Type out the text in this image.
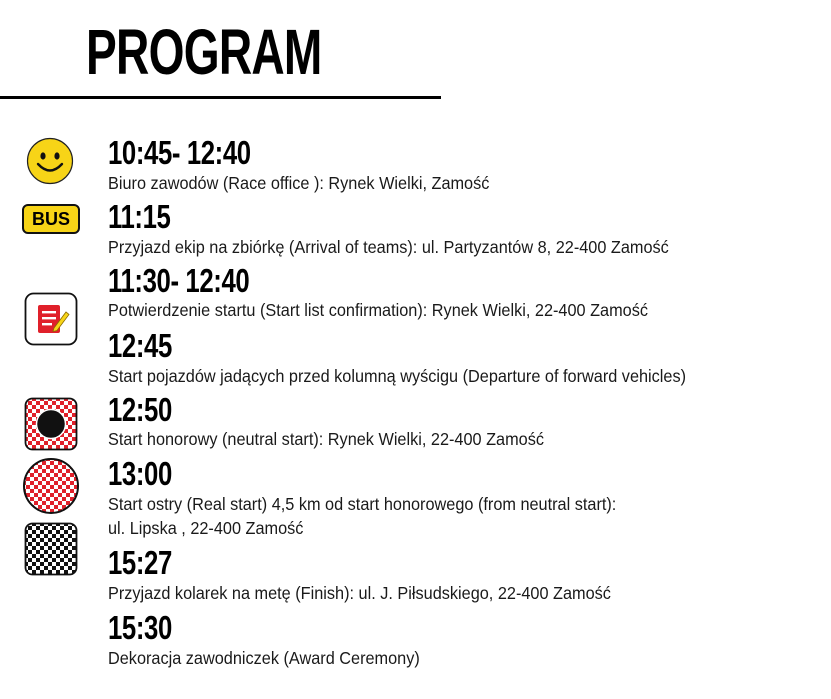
PROGRAM
BUS
10:45- 12:40
Biuro zawodów (Race office ): Rynek Wielki, Zamość
11:15
Przyjazd ekip na zbiórkę (Arrival of teams): ul. Partyzantów 8, 22-400 Zamość
11:30- 12:40
Potwierdzenie startu (Start list confirmation): Rynek Wielki, 22-400 Zamość
12:45
Start pojazdów jadących przed kolumną wyścigu (Departure of forward vehicles)
12:50
Start honorowy (neutral start): Rynek Wielki, 22-400 Zamość
13:00
Start ostry (Real start) 4,5 km od start honorowego (from neutral start):
ul. Lipska , 22-400 Zamość
15:27
Przyjazd kolarek na metę (Finish): ul. J. Piłsudskiego, 22-400 Zamość
15:30
Dekoracja zawodniczek (Award Ceremony)
